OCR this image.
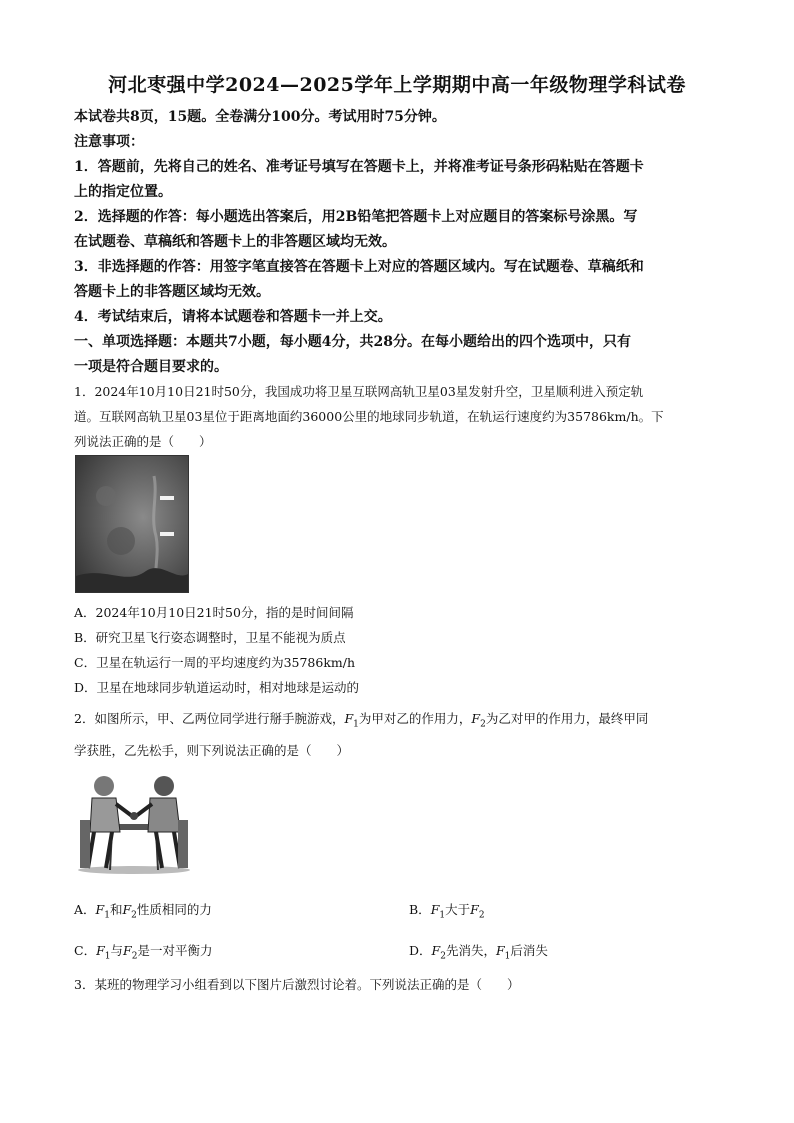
河北枣强中学2024—2025学年上学期期中高一年级物理学科试卷
本试卷共8页，15题。全卷满分100分。考试用时75分钟。
注意事项：
1．答题前，先将自己的姓名、准考证号填写在答题卡上，并将准考证号条形码粘贴在答题卡
上的指定位置。
2．选择题的作答：每小题选出答案后，用2B铅笔把答题卡上对应题目的答案标号涂黑。写
在试题卷、草稿纸和答题卡上的非答题区域均无效。
3．非选择题的作答：用签字笔直接答在答题卡上对应的答题区域内。写在试题卷、草稿纸和
答题卡上的非答题区域均无效。
4．考试结束后，请将本试题卷和答题卡一并上交。
一、单项选择题：本题共7小题，每小题4分，共28分。在每小题给出的四个选项中，只有
一项是符合题目要求的。
1．2024年10月10日21时50分，我国成功将卫星互联网高轨卫星03星发射升空，卫星顺利进入预定轨
道。互联网高轨卫星03星位于距离地面约36000公里的地球同步轨道，在轨运行速度约为35786km/h。下
列说法正确的是（　　）
A．2024年10月10日21时50分，指的是时间间隔
B．研究卫星飞行姿态调整时，卫星不能视为质点
C．卫星在轨运行一周的平均速度约为35786km/h
D．卫星在地球同步轨道运动时，相对地球是运动的
2．如图所示，甲、乙两位同学进行掰手腕游戏，$F_1$为甲对乙的作用力，$F_2$为乙对甲的作用力，最终甲同
学获胜，乙先松手，则下列说法正确的是（　　）
A．$F_1$和$F_2$性质相同的力	B．$F_1$大于$F_2$
C．$F_1$与$F_2$是一对平衡力	D．$F_2$先消失，$F_1$后消失
3．某班的物理学习小组看到以下图片后激烈讨论着。下列说法正确的是（　　）
